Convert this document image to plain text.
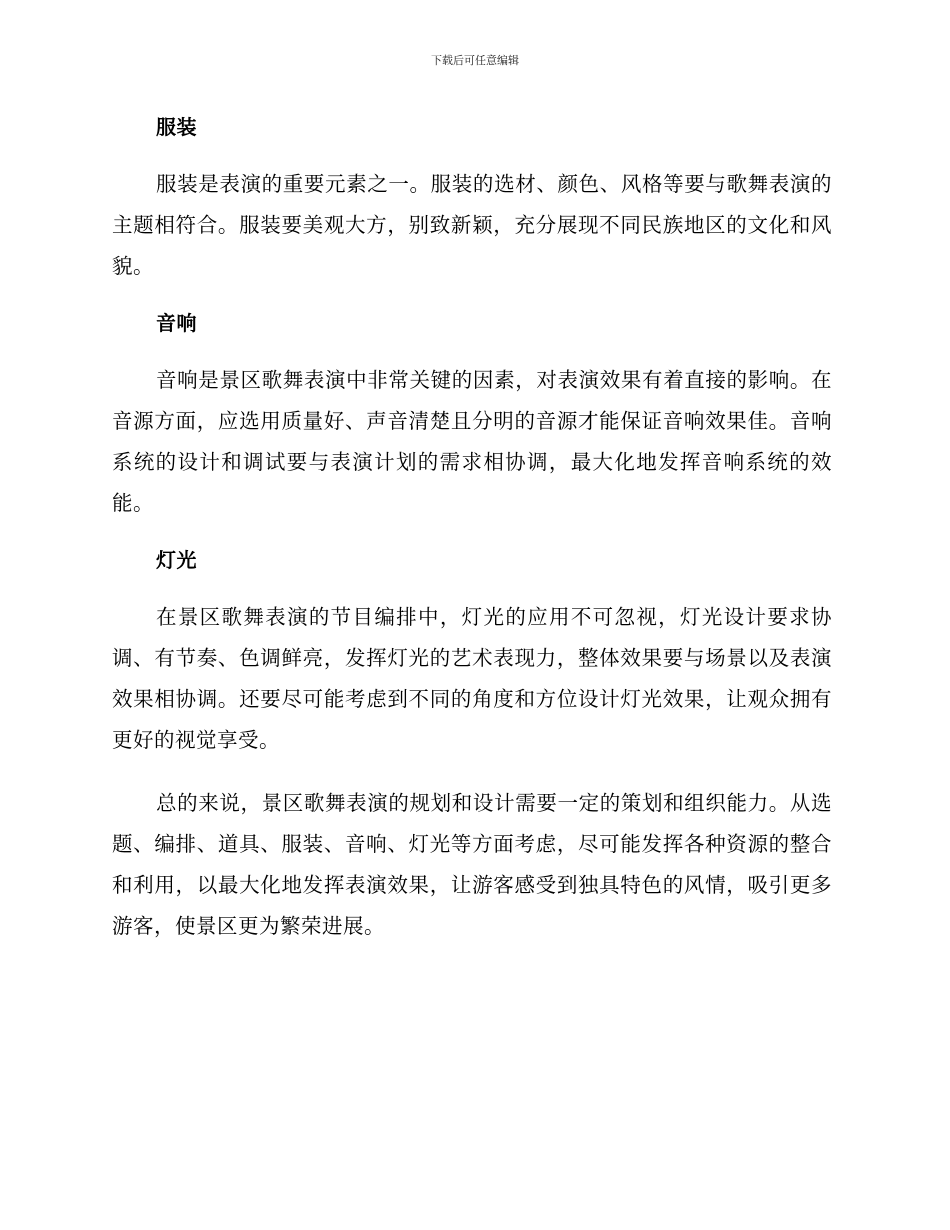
下载后可任意编辑
服装

服装是表演的重要元素之一。服装的选材、颜色、风格等要与歌舞表演的主题相符合。服装要美观大方，别致新颖，充分展现不同民族地区的文化和风貌。

音响

音响是景区歌舞表演中非常关键的因素，对表演效果有着直接的影响。在音源方面，应选用质量好、声音清楚且分明的音源才能保证音响效果佳。音响系统的设计和调试要与表演计划的需求相协调，最大化地发挥音响系统的效能。

灯光

在景区歌舞表演的节目编排中，灯光的应用不可忽视，灯光设计要求协调、有节奏、色调鲜亮，发挥灯光的艺术表现力，整体效果要与场景以及表演效果相协调。还要尽可能考虑到不同的角度和方位设计灯光效果，让观众拥有更好的视觉享受。

总的来说，景区歌舞表演的规划和设计需要一定的策划和组织能力。从选题、编排、道具、服装、音响、灯光等方面考虑，尽可能发挥各种资源的整合和利用，以最大化地发挥表演效果，让游客感受到独具特色的风情，吸引更多游客，使景区更为繁荣进展。
